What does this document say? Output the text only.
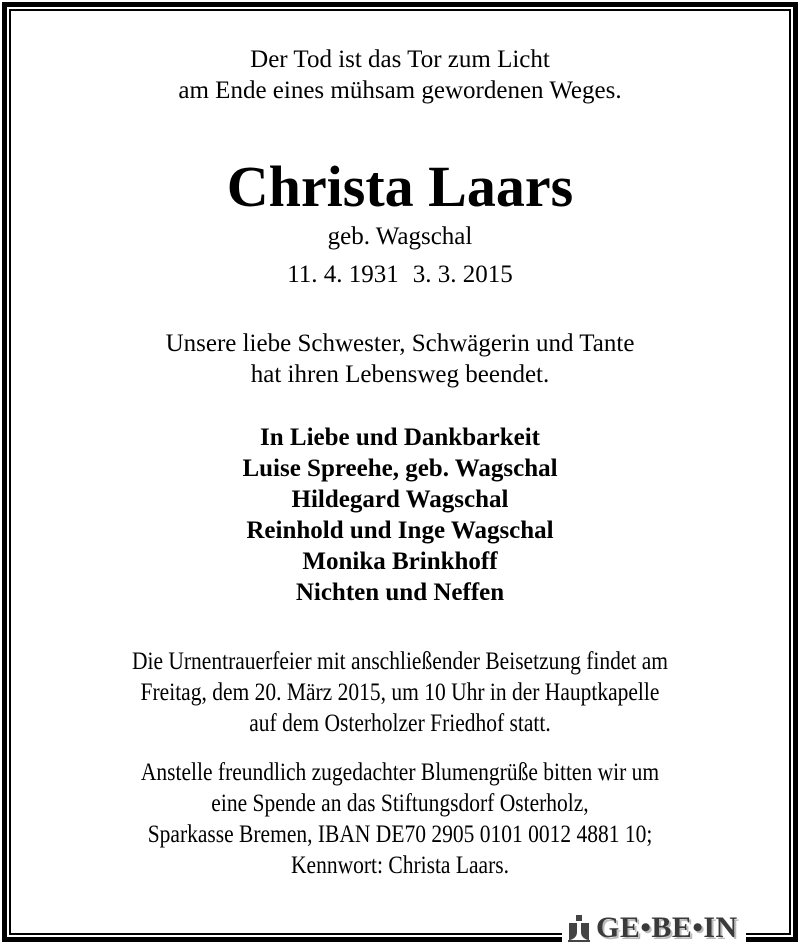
Der Tod ist das Tor zum Licht
am Ende eines mühsam gewordenen Weges.
Christa Laars
geb. Wagschal
11. 4. 1931 3. 3. 2015
Unsere liebe Schwester, Schwägerin und Tante
hat ihren Lebensweg beendet.
In Liebe und Dankbarkeit
Luise Spreehe, geb. Wagschal
Hildegard Wagschal
Reinhold und Inge Wagschal
Monika Brinkhoff
Nichten und Neffen
Die Urnentrauerfeier mit anschließender Beisetzung findet am
Freitag, dem 20. März 2015, um 10 Uhr in der Hauptkapelle
auf dem Osterholzer Friedhof statt.
Anstelle freundlich zugedachter Blumengrüße bitten wir um
eine Spende an das Stiftungsdorf Osterholz,
Sparkasse Bremen, IBAN DE70 2905 0101 0012 4881 10;
Kennwort: Christa Laars.
GE•BE•IN
